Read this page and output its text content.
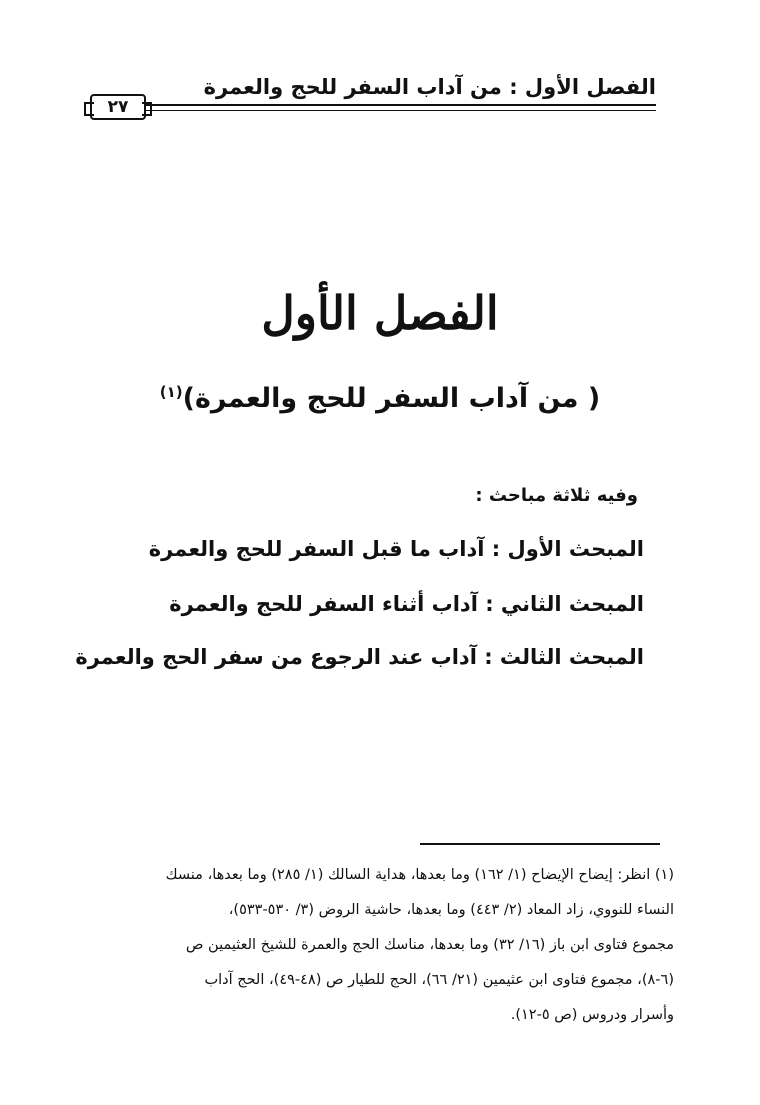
الفصل الأول : من آداب السفر للحج والعمرة
٢٧
الفصل الأول
( من آداب السفر للحج والعمرة)$^{(١)}$
وفيه ثلاثة مباحث :
المبحث الأول : آداب ما قبل السفر للحج والعمرة
المبحث الثاني : آداب أثناء السفر للحج والعمرة
المبحث الثالث : آداب عند الرجوع من سفر الحج والعمرة
(١) انظر: إيضاح الإيضاح (١/ ١٦٢) وما بعدها، هداية السالك (١/ ٢٨٥) وما بعدها، منسك
النساء للنووي، زاد المعاد (٢/ ٤٤٣) وما بعدها، حاشية الروض (٣/ ٥٣٠-٥٣٣)،
مجموع فتاوى ابن باز (١٦/ ٣٢) وما بعدها، مناسك الحج والعمرة للشيخ العثيمين ص
(٦-٨)، مجموع فتاوى ابن عثيمين (٢١/ ٦٦)، الحج للطيار ص (٤٨-٤٩)، الحج آداب
وأسرار ودروس (ص ٥-١٢).
